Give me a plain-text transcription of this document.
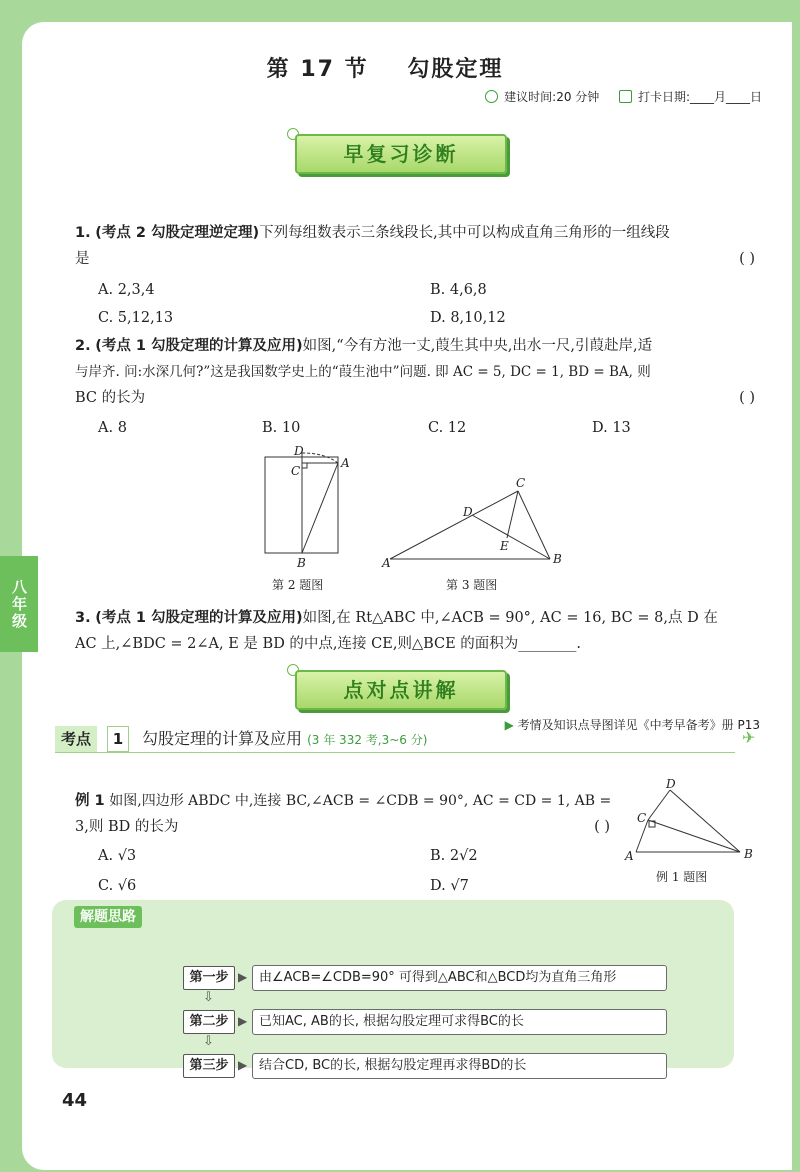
第 17 节 勾股定理
建议时间:20 分钟
	打卡日期:____月____日
早复习诊断
1. (考点 2 勾股定理逆定理)下列每组数表示三条线段长,其中可以构成直角三角形的一组线段
是	( )
A. 2,3,4	B. 4,6,8
C. 5,12,13	D. 8,10,12
2. (考点 1 勾股定理的计算及应用)如图,“今有方池一丈,葭生其中央,出水一尺,引葭赴岸,适
与岸齐. 问:水深几何?”这是我国数学史上的“葭生池中”问题. 即 AC = 5, DC = 1, BD = BA, 则
BC 的长为	( )
A. 8	B. 10	C. 12	D. 13
D
C
A
B
C
D
E
A	B
第 2 题图	第 3 题图
八年级	3. (考点 1 勾股定理的计算及应用)如图,在 Rt△ABC 中,∠ACB = 90°, AC = 16, BC = 8,点 D 在
AC 上,∠BDC = 2∠A, E 是 BD 的中点,连接 CE,则△BCE 的面积为________.
点对点讲解
▶ 考情及知识点导图详见《中考早备考》册 P13
考点	1	勾股定理的计算及应用 (3 年 332 考,3~6 分)	✈
例 1 如图,四边形 ABDC 中,连接 BC,∠ACB = ∠CDB = 90°, AC = CD = 1, AB =
3,则 BD 的长为	( )
A. √3	B. 2√2
C. √6	D. √7
D
C
A	B
例 1 题图
解题思路
第一步 ▶ 由∠ACB=∠CDB=90° 可得到△ABC和△BCD均为直角三角形
⇩
第二步 ▶ 已知AC, AB的长, 根据勾股定理可求得BC的长
⇩
第三步 ▶ 结合CD, BC的长, 根据勾股定理再求得BD的长
44
